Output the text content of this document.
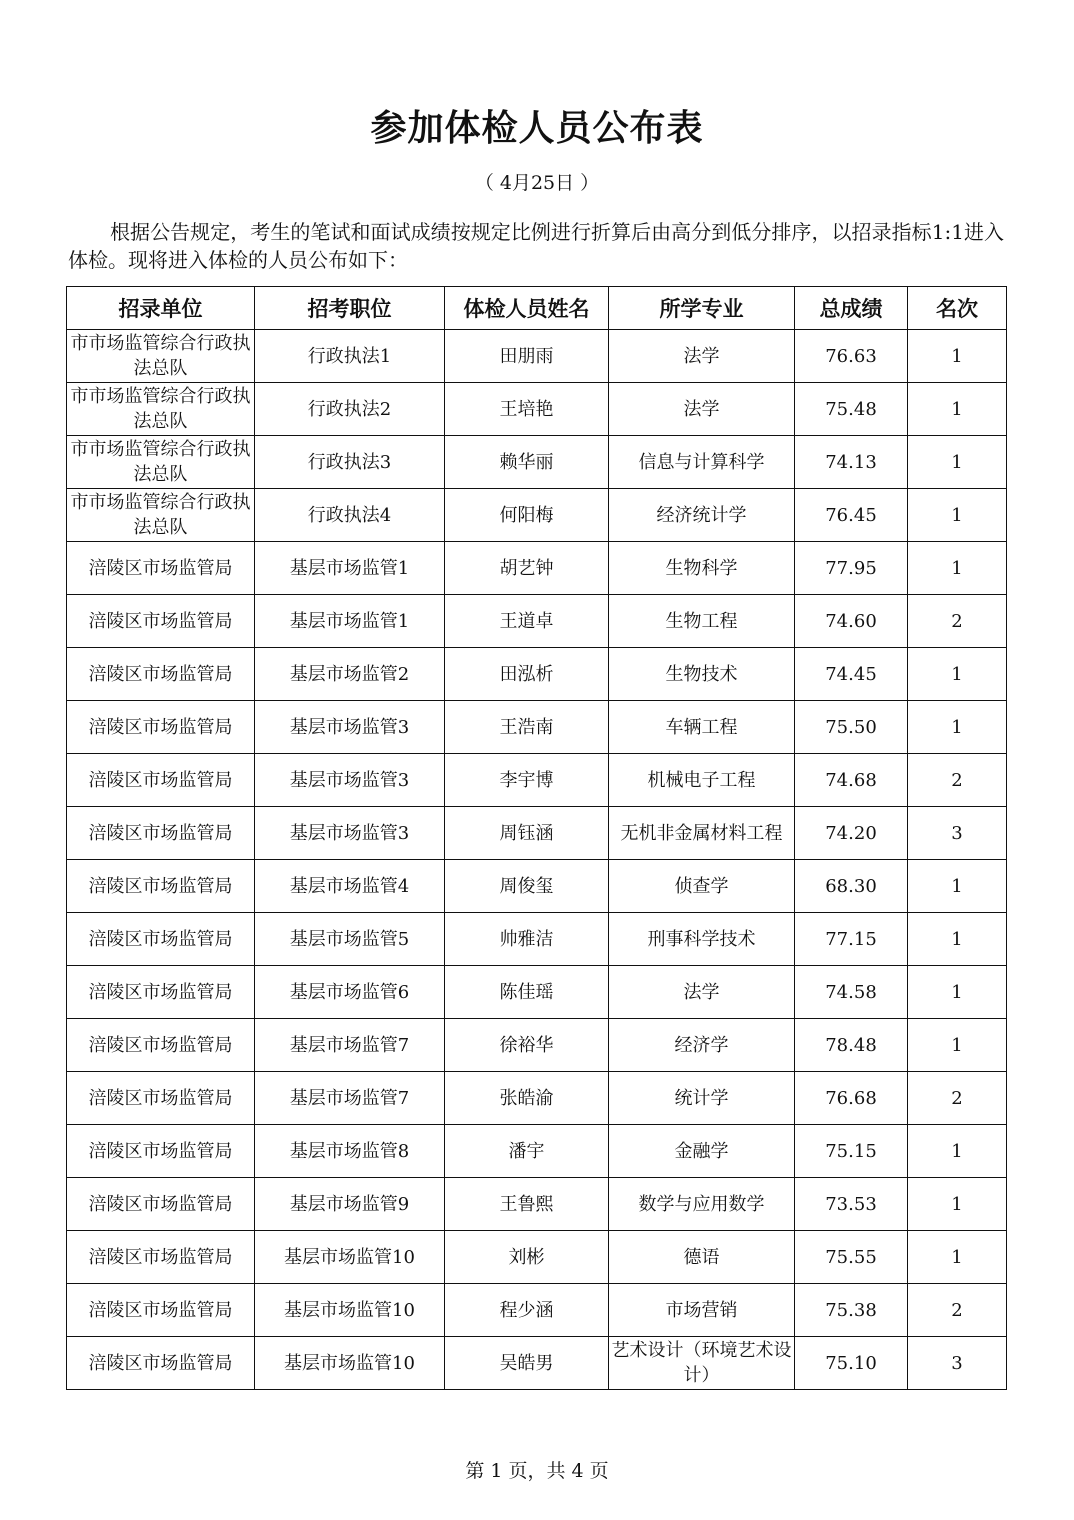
参加体检人员公布表
（ 4月25日 ）
根据公告规定，考生的笔试和面试成绩按规定比例进行折算后由高分到低分排序，以招录指标1:1进入体检。现将进入体检的人员公布如下：
招录单位	招考职位	体检人员姓名	所学专业	总成绩	名次
市市场监管综合行政执法总队	行政执法1	田朋雨	法学	76.63	1
市市场监管综合行政执法总队	行政执法2	王培艳	法学	75.48	1
市市场监管综合行政执法总队	行政执法3	赖华丽	信息与计算科学	74.13	1
市市场监管综合行政执法总队	行政执法4	何阳梅	经济统计学	76.45	1
涪陵区市场监管局	基层市场监管1	胡艺钟	生物科学	77.95	1
涪陵区市场监管局	基层市场监管1	王道卓	生物工程	74.60	2
涪陵区市场监管局	基层市场监管2	田泓析	生物技术	74.45	1
涪陵区市场监管局	基层市场监管3	王浩南	车辆工程	75.50	1
涪陵区市场监管局	基层市场监管3	李宇博	机械电子工程	74.68	2
涪陵区市场监管局	基层市场监管3	周钰涵	无机非金属材料工程	74.20	3
涪陵区市场监管局	基层市场监管4	周俊玺	侦查学	68.30	1
涪陵区市场监管局	基层市场监管5	帅雅洁	刑事科学技术	77.15	1
涪陵区市场监管局	基层市场监管6	陈佳瑶	法学	74.58	1
涪陵区市场监管局	基层市场监管7	徐裕华	经济学	78.48	1
涪陵区市场监管局	基层市场监管7	张皓渝	统计学	76.68	2
涪陵区市场监管局	基层市场监管8	潘宇	金融学	75.15	1
涪陵区市场监管局	基层市场监管9	王鲁熙	数学与应用数学	73.53	1
涪陵区市场监管局	基层市场监管10	刘彬	德语	75.55	1
涪陵区市场监管局	基层市场监管10	程少涵	市场营销	75.38	2
涪陵区市场监管局	基层市场监管10	吴皓男	艺术设计（环境艺术设计）	75.10	3
第 1 页，共 4 页
